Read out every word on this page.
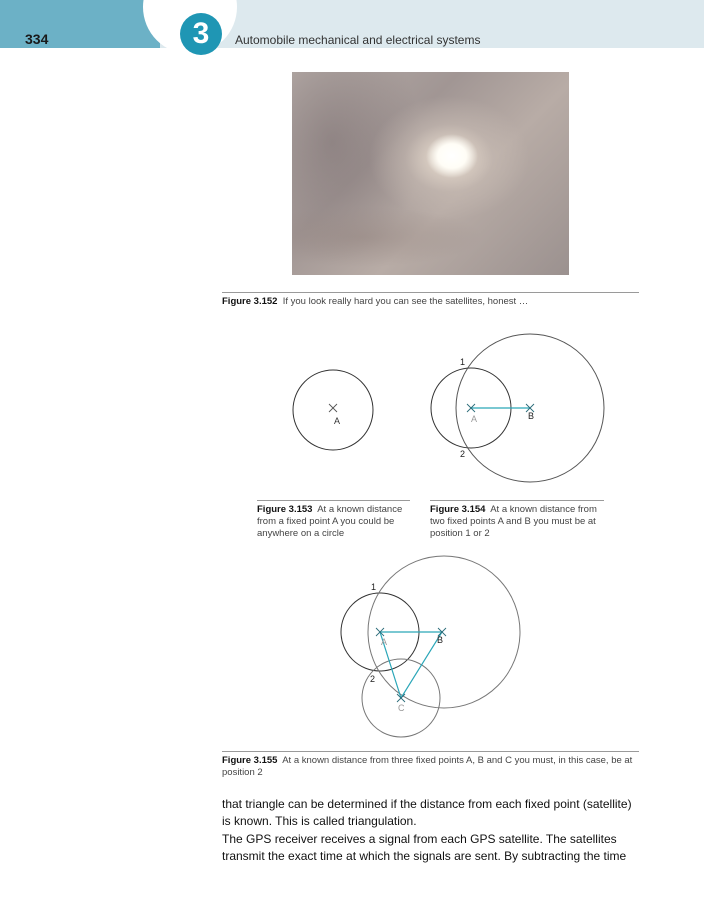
3
334	Automobile mechanical and electrical systems
Figure 3.152 If you look really hard you can see the satellites, honest …
A
Figure 3.153 At a known distance from a fixed point A you could be anywhere on a circle
A	B
1
2
Figure 3.154 At a known distance from two fixed points A and B you must be at position 1 or 2
A	B
C
1
2
Figure 3.155 At a known distance from three fixed points A, B and C you must, in this case, be at position 2

that triangle can be determined if the distance from each fixed point (satellite) is known. This is called triangulation.

The GPS receiver receives a signal from each GPS satellite. The satellites transmit the exact time at which the signals are sent. By subtracting the time
